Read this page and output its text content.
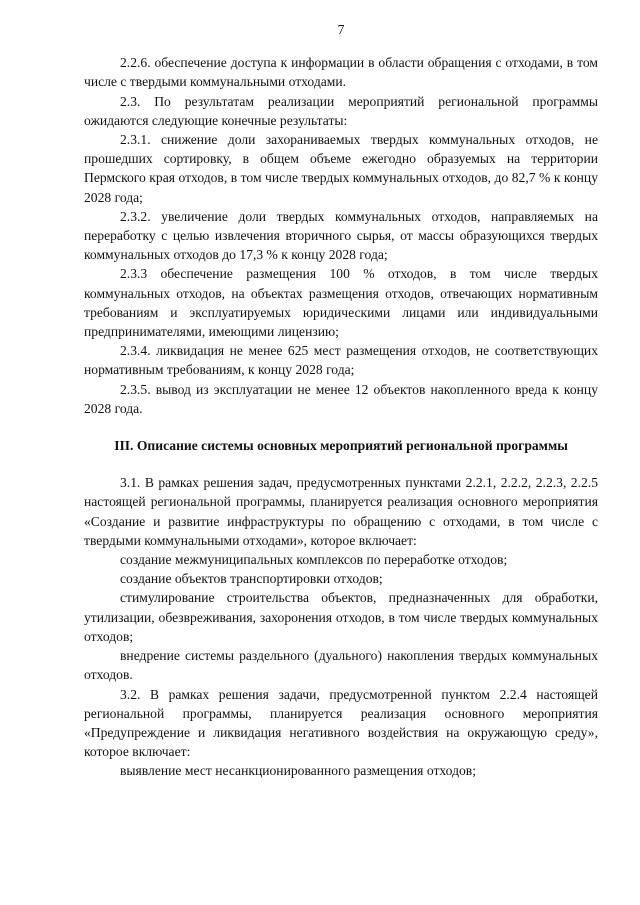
7

2.2.6. обеспечение доступа к информации в области обращения с отходами, в том числе с твердыми коммунальными отходами.

2.3. По результатам реализации мероприятий региональной программы ожидаются следующие конечные результаты:

2.3.1. снижение доли захораниваемых твердых коммунальных отходов, не прошедших сортировку, в общем объеме ежегодно образуемых на территории Пермского края отходов, в том числе твердых коммунальных отходов, до 82,7 % к концу 2028 года;

2.3.2. увеличение доли твердых коммунальных отходов, направляемых на переработку с целью извлечения вторичного сырья, от массы образующихся твердых коммунальных отходов до 17,3 % к концу 2028 года;

2.3.3 обеспечение размещения 100 % отходов, в том числе твердых коммунальных отходов, на объектах размещения отходов, отвечающих нормативным требованиям и эксплуатируемых юридическими лицами или индивидуальными предпринимателями, имеющими лицензию;

2.3.4. ликвидация не менее 625 мест размещения отходов, не соответствующих нормативным требованиям, к концу 2028 года;

2.3.5. вывод из эксплуатации не менее 12 объектов накопленного вреда к концу 2028 года.

III. Описание системы основных мероприятий региональной программы

3.1. В рамках решения задач, предусмотренных пунктами 2.2.1, 2.2.2, 2.2.3, 2.2.5 настоящей региональной программы, планируется реализация основного мероприятия «Создание и развитие инфраструктуры по обращению с отходами, в том числе с твердыми коммунальными отходами», которое включает:

создание межмуниципальных комплексов по переработке отходов;

создание объектов транспортировки отходов;

стимулирование строительства объектов, предназначенных для обработки, утилизации, обезвреживания, захоронения отходов, в том числе твердых коммунальных отходов;

внедрение системы раздельного (дуального) накопления твердых коммунальных отходов.

3.2. В рамках решения задачи, предусмотренной пунктом 2.2.4 настоящей региональной программы, планируется реализация основного мероприятия «Предупреждение и ликвидация негативного воздействия на окружающую среду», которое включает:

выявление мест несанкционированного размещения отходов;
